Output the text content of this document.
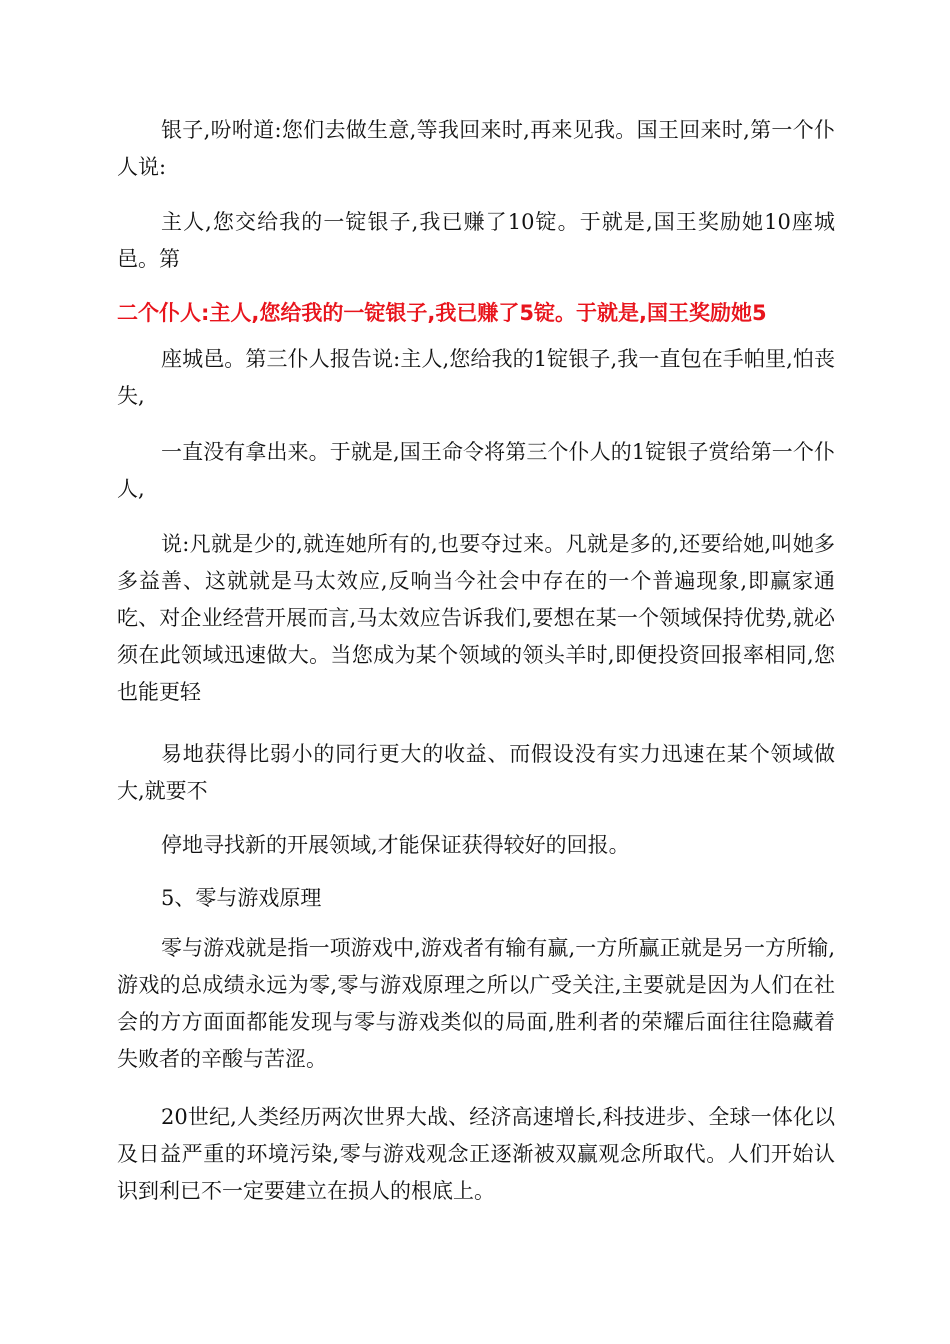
银子,吩咐道:您们去做生意,等我回来时,再来见我。国王回来时,第一个仆人说:

主人,您交给我的一锭银子,我已赚了10锭。于就是,国王奖励她10座城邑。第

二个仆人:主人,您给我的一锭银子,我已赚了5锭。于就是,国王奖励她5

座城邑。第三仆人报告说:主人,您给我的1锭银子,我一直包在手帕里,怕丧失,

一直没有拿出来。于就是,国王命令将第三个仆人的1锭银子赏给第一个仆人,

说:凡就是少的,就连她所有的,也要夺过来。凡就是多的,还要给她,叫她多多益善、这就就是马太效应,反响当今社会中存在的一个普遍现象,即赢家通吃、对企业经营开展而言,马太效应告诉我们,要想在某一个领域保持优势,就必须在此领域迅速做大。当您成为某个领域的领头羊时,即便投资回报率相同,您也能更轻

易地获得比弱小的同行更大的收益、而假设没有实力迅速在某个领域做大,就要不

停地寻找新的开展领域,才能保证获得较好的回报。

5、零与游戏原理

零与游戏就是指一项游戏中,游戏者有输有赢,一方所赢正就是另一方所输,游戏的总成绩永远为零,零与游戏原理之所以广受关注,主要就是因为人们在社会的方方面面都能发现与零与游戏类似的局面,胜利者的荣耀后面往往隐藏着失败者的辛酸与苦涩。

20世纪,人类经历两次世界大战、经济高速增长,科技进步、全球一体化以及日益严重的环境污染,零与游戏观念正逐渐被双赢观念所取代。人们开始认识到利已不一定要建立在损人的根底上。
